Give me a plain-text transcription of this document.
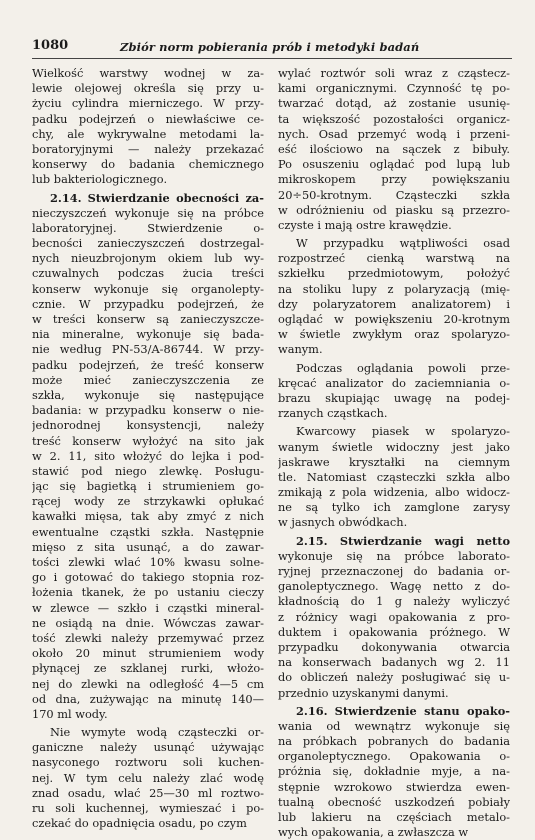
1080	Zbiór norm pobierania prób i metodyki badań
Wielkość warstwy wodnej w za-
lewie olejowej określa się przy u-
życiu cylindra mierniczego. W przy-
padku podejrzeń o niewłaściwe ce-
chy, ale wykrywalne metodami la-
boratoryjnymi — należy przekazać
konserwy do badania chemicznego
lub bakteriologicznego.
2.14. Stwierdzanie obecności za-
nieczyszczeń wykonuje się na próbce
laboratoryjnej. Stwierdzenie o-
becności zanieczyszczeń dostrzegal-
nych nieuzbrojonym okiem lub wy-
czuwalnych podczas żucia treści
konserw wykonuje się organolepty-
cznie. W przypadku podejrzeń, że
w treści konserw są zanieczyszcze-
nia mineralne, wykonuje się bada-
nie według PN-53/A-86744. W przy-
padku podejrzeń, że treść konserw
może mieć zanieczyszczenia ze
szkła, wykonuje się następujące
badania: w przypadku konserw o nie-
jednorodnej konsystencji, należy
treść konserw wyłożyć na sito jak
w 2. 11, sito włożyć do lejka i pod-
stawić pod niego zlewkę. Posługu-
jąc się bagietką i strumieniem go-
rącej wody ze strzykawki opłukać
kawałki mięsa, tak aby zmyć z nich
ewentualne cząstki szkła. Następnie
mięso z sita usunąć, a do zawar-
tości zlewki wlać 10% kwasu solne-
go i gotować do takiego stopnia roz-
łożenia tkanek, że po ustaniu cieczy
w zlewce — szkło i cząstki mineral-
ne osiądą na dnie. Wówczas zawar-
tość zlewki należy przemywać przez
około 20 minut strumieniem wody
płynącej ze szklanej rurki, włożo-
nej do zlewki na odległość 4—5 cm
od dna, zużywając na minutę 140—
170 ml wody.
Nie wymyte wodą cząsteczki or-
ganiczne należy usunąć używając
nasyconego roztworu soli kuchen-
nej. W tym celu należy zlać wodę
znad osadu, wlać 25—30 ml roztwo-
ru soli kuchennej, wymieszać i po-
czekać do opadnięcia osadu, po czym
wylać roztwór soli wraz z cząstecz-
kami organicznymi. Czynność tę po-
twarzać dotąd, aż zostanie usunię-
ta większość pozostałości organicz-
nych. Osad przemyć wodą i przeni-
eść ilościowo na sączek z bibuły.
Po osuszeniu oglądać pod lupą lub
mikroskopem przy powiększaniu
20÷50-krotnym. Cząsteczki szkła
w odróżnieniu od piasku są przezro-
czyste i mają ostre krawędzie.
W przypadku wątpliwości osad
rozpostrzeć cienką warstwą na
szkiełku przedmiotowym, położyć
na stoliku lupy z polaryzacją (mię-
dzy polaryzatorem analizatorem) i
oglądać w powiększeniu 20-krotnym
w świetle zwykłym oraz spolaryzo-
wanym.
Podczas oglądania powoli prze-
kręcać analizator do zaciemniania o-
brazu skupiając uwagę na podej-
rzanych cząstkach.
Kwarcowy piasek w spolaryzo-
wanym świetle widoczny jest jako
jaskrawe kryształki na ciemnym
tle. Natomiast cząsteczki szkła albo
zmikają z pola widzenia, albo widocz-
ne są tylko ich zamglone zarysy
w jasnych obwódkach.
2.15. Stwierdzanie wagi netto
wykonuje się na próbce laborato-
ryjnej przeznaczonej do badania or-
ganoleptycznego. Wagę netto z do-
kładnością do 1 g należy wyliczyć
z różnicy wagi opakowania z pro-
duktem i opakowania próżnego. W
przypadku dokonywania otwarcia
na konserwach badanych wg 2. 11
do obliczeń należy posługiwać się u-
przednio uzyskanymi danymi.
2.16. Stwierdzenie stanu opako-
wania od wewnątrz wykonuje się
na próbkach pobranych do badania
organoleptycznego. Opakowania o-
próżnia się, dokładnie myje, a na-
stępnie wzrokowo stwierdza ewen-
tualną obecność uszkodzeń pobiały
lub lakieru na częściach metalo-
wych opakowania, a zwłaszcza w
